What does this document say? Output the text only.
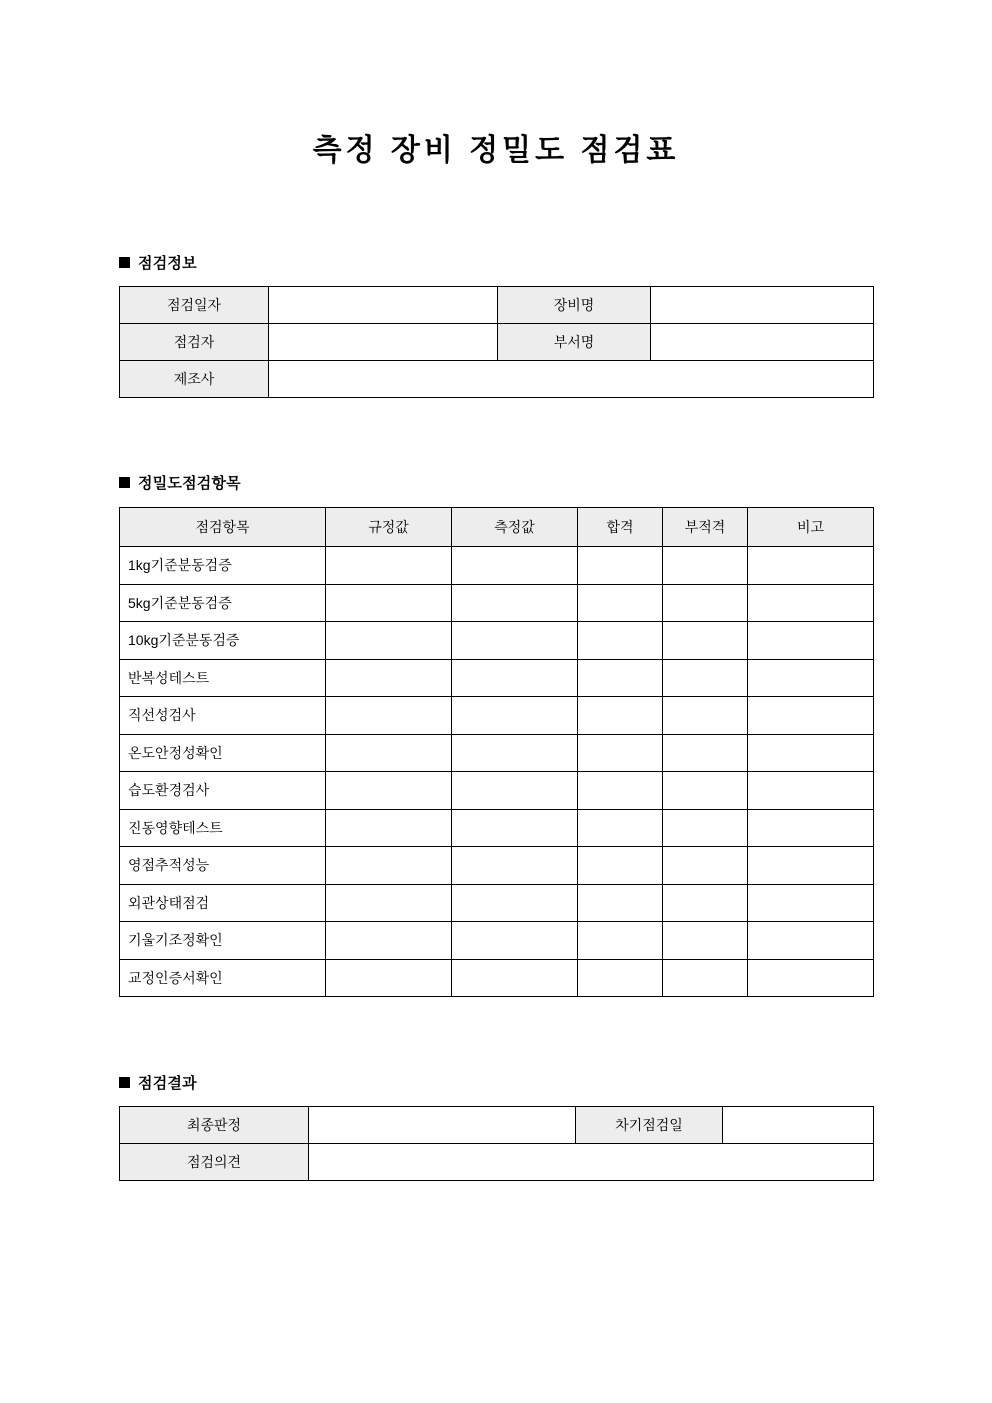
측정 장비 정밀도 점검표
점검정보
점검일자		장비명	
점검자		부서명	
제조사			
정밀도점검항목
점검항목	규정값	측정값	합격	부적격	비고
1kg기준분동검증					
5kg기준분동검증					
10kg기준분동검증					
반복성테스트					
직선성검사					
온도안정성확인					
습도환경검사					
진동영향테스트					
영점추적성능					
외관상태점검					
기울기조정확인					
교정인증서확인					
점검결과
최종판정		차기점검일	
점검의견			
